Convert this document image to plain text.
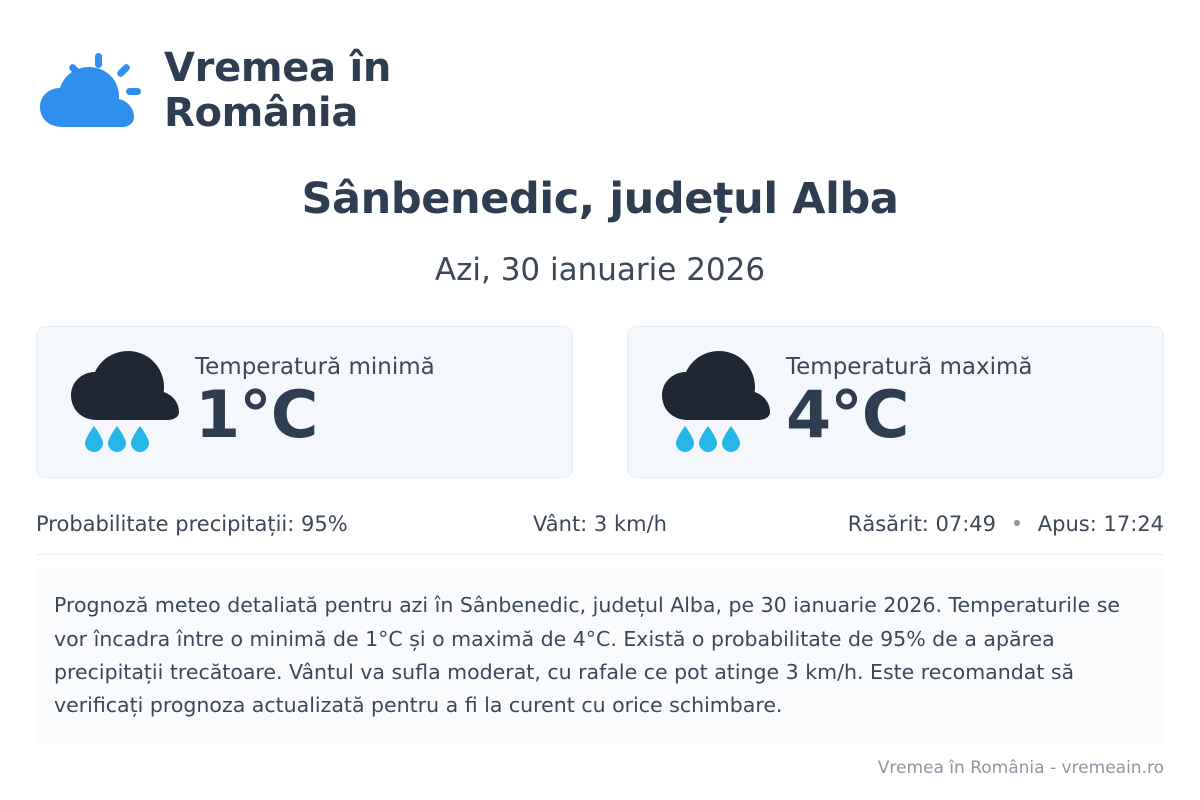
Vremea în
România
Sânbenedic, județul Alba
Azi, 30 ianuarie 2026
Temperatură minimă
1°C
Temperatură maximă
4°C
Probabilitate precipitații: 95%	Vânt: 3 km/h	Răsărit: 07:49 • Apus: 17:24
Prognoză meteo detaliată pentru azi în Sânbenedic, județul Alba, pe 30 ianuarie 2026. Temperaturile se vor încadra între o minimă de 1°C și o maximă de 4°C. Există o probabilitate de 95% de a apărea precipitații trecătoare. Vântul va sufla moderat, cu rafale ce pot atinge 3 km/h. Este recomandat să verificați prognoza actualizată pentru a fi la curent cu orice schimbare.
Vremea în România - vremeain.ro
